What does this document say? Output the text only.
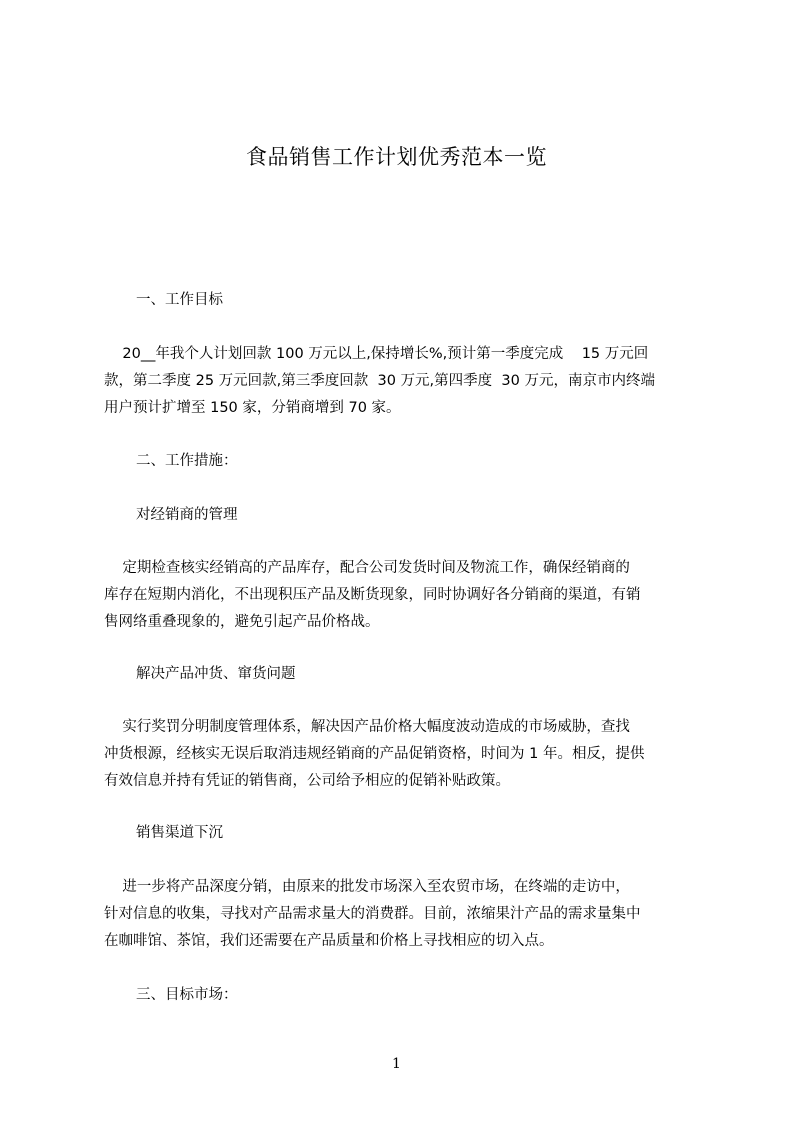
食品销售工作计划优秀范本一览
一、工作目标
20__年我个人计划回款 100 万元以上,保持增长%,预计第一季度完成    15 万元回
款，第二季度 25 万元回款,第三季度回款  30 万元,第四季度  30 万元，南京市内终端
用户预计扩增至 150 家，分销商增到 70 家。
二、工作措施：
对经销商的管理
定期检查核实经销高的产品库存，配合公司发货时间及物流工作，确保经销商的
库存在短期内消化，不出现积压产品及断货现象，同时协调好各分销商的渠道，有销
售网络重叠现象的，避免引起产品价格战。
解决产品冲货、窜货问题
实行奖罚分明制度管理体系，解决因产品价格大幅度波动造成的市场威胁，查找
冲货根源，经核实无误后取消违规经销商的产品促销资格，时间为 1 年。相反，提供
有效信息并持有凭证的销售商，公司给予相应的促销补贴政策。
销售渠道下沉
进一步将产品深度分销，由原来的批发市场深入至农贸市场，在终端的走访中，
针对信息的收集，寻找对产品需求量大的消费群。目前，浓缩果汁产品的需求量集中
在咖啡馆、茶馆，我们还需要在产品质量和价格上寻找相应的切入点。
三、目标市场：
1
